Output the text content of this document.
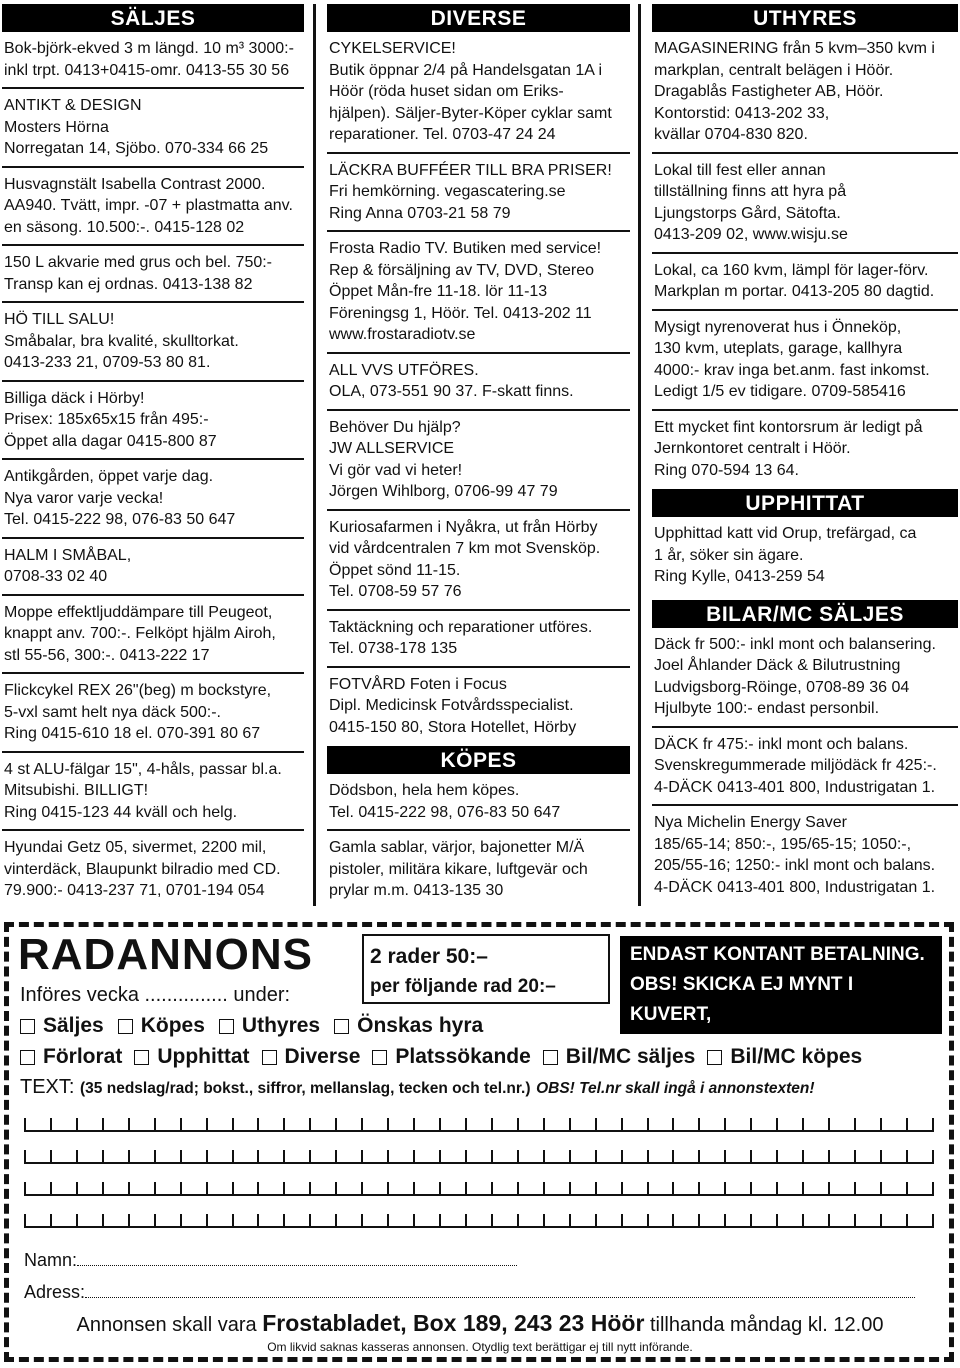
SÄLJES
Bok-björk-ekved 3 m längd. 10 m³ 3000:-
inkl trpt. 0413+0415-omr. 0413-55 30 56
ANTIKT & DESIGN
Mosters Hörna
Norregatan 14, Sjöbo. 070-334 66 25
Husvagnstält Isabella Contrast 2000.
AA940. Tvätt, impr. -07 + plastmatta anv.
en säsong. 10.500:-. 0415-128 02
150 L akvarie med grus och bel. 750:-
Transp kan ej ordnas. 0413-138 82
HÖ TILL SALU!
Småbalar, bra kvalité, skulltorkat.
0413-233 21, 0709-53 80 81.
Billiga däck i Hörby!
Prisex: 185x65x15 från 495:-
Öppet alla dagar 0415-800 87
Antikgården, öppet varje dag.
Nya varor varje vecka!
Tel. 0415-222 98, 076-83 50 647
HALM I SMÅBAL,
0708-33 02 40
Moppe effektljuddämpare till Peugeot,
knappt anv. 700:-. Felköpt hjälm Airoh,
stl 55-56, 300:-. 0413-222 17
Flickcykel REX 26"(beg) m bockstyre,
5-vxl samt helt nya däck 500:-.
Ring 0415-610 18 el. 070-391 80 67
4 st ALU-fälgar 15", 4-håls, passar bl.a.
Mitsubishi. BILLIGT!
Ring 0415-123 44 kväll och helg.
Hyundai Getz 05, sivermet, 2200 mil,
vinterdäck, Blaupunkt bilradio med CD.
79.900:- 0413-237 71, 0701-194 054
DIVERSE
CYKELSERVICE!
Butik öppnar 2/4 på Handelsgatan 1A i
Höör (röda huset sidan om Eriks-
hjälpen). Säljer-Byter-Köper cyklar samt
reparationer. Tel. 0703-47 24 24
LÄCKRA BUFFÉER TILL BRA PRISER!
Fri hemkörning. vegascatering.se
Ring Anna 0703-21 58 79
Frosta Radio TV. Butiken med service!
Rep & försäljning av TV, DVD, Stereo
Öppet Mån-fre 11-18. lör 11-13
Föreningsg 1, Höör. Tel. 0413-202 11
www.frostaradiotv.se
ALL VVS UTFÖRES.
OLA, 073-551 90 37. F-skatt finns.
Behöver Du hjälp?
JW ALLSERVICE
Vi gör vad vi heter!
Jörgen Wihlborg, 0706-99 47 79
Kuriosafarmen i Nyåkra, ut från Hörby
vid vårdcentralen 7 km mot Svensköp.
Öppet sönd 11-15.
Tel. 0708-59 57 76
Taktäckning och reparationer utföres.
Tel. 0738-178 135
FOTVÅRD Foten i Focus
Dipl. Medicinsk Fotvårdsspecialist.
0415-150 80, Stora Hotellet, Hörby
KÖPES
Dödsbon, hela hem köpes.
Tel. 0415-222 98, 076-83 50 647
Gamla sablar, värjor, bajonetter M/Ä
pistoler, militära kikare, luftgevär och
prylar m.m. 0413-135 30
UTHYRES
MAGASINERING från 5 kvm–350 kvm i
markplan, centralt belägen i Höör.
Dragablås Fastigheter AB, Höör.
Kontorstid: 0413-202 33,
kvällar 0704-830 820.
Lokal till fest eller annan
tillställning finns att hyra på
Ljungstorps Gård, Sätofta.
0413-209 02, www.wisju.se
Lokal, ca 160 kvm, lämpl för lager-förv.
Markplan m portar. 0413-205 80 dagtid.
Mysigt nyrenoverat hus i Önneköp,
130 kvm, uteplats, garage, kallhyra
4000:- krav inga bet.anm. fast inkomst.
Ledigt 1/5 ev tidigare. 0709-585416
Ett mycket fint kontorsrum är ledigt på
Jernkontoret centralt i Höör.
Ring 070-594 13 64.
UPPHITTAT
Upphittad katt vid Orup, trefärgad, ca
1 år, söker sin ägare.
Ring Kylle, 0413-259 54
BILAR/MC SÄLJES
Däck fr 500:- inkl mont och balansering.
Joel Åhlander Däck & Bilutrustning
Ludvigsborg-Röinge, 0708-89 36 04
Hjulbyte 100:- endast personbil.
DÄCK fr 475:- inkl mont och balans.
Svenskregummerade miljödäck fr 425:-.
4-DÄCK 0413-401 800, Industrigatan 1.
Nya Michelin Energy Saver
185/65-14; 850:-, 195/65-15; 1050:-,
205/55-16; 1250:- inkl mont och balans.
4-DÄCK 0413-401 800, Industrigatan 1.
RADANNONS
Införes vecka ............... under:
2 rader 50:–
per följande rad 20:–
ENDAST KONTANT BETALNING.
OBS! SKICKA EJ MYNT I KUVERT,
ENDAST SEDLAR
Säljes Köpes Uthyres Önskas hyra
Förlorat Upphittat Diverse Platssökande Bil/MC säljes Bil/MC köpes
TEXT: (35 nedslag/rad; bokst., siffror, mellanslag, tecken och tel.nr.) OBS! Tel.nr skall ingå i annonstexten!
Namn:
Adress:
Annonsen skall vara Frostabladet, Box 189, 243 23 Höör tillhanda måndag kl. 12.00
Om likvid saknas kasseras annonsen. Otydlig text berättigar ej till nytt införande.
